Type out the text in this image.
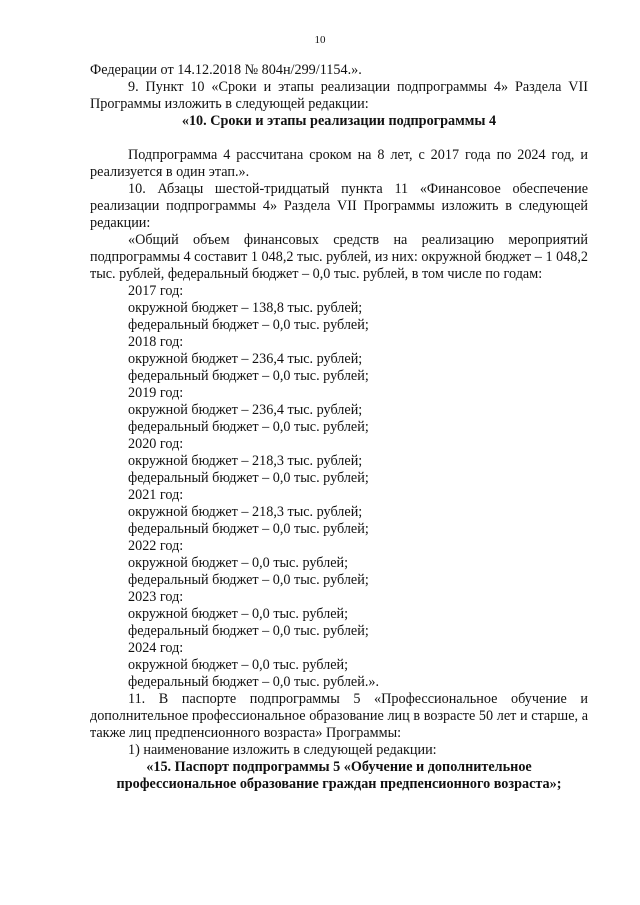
10

Федерации от 14.12.2018 № 804н/299/1154.».

9. Пункт 10 «Сроки и этапы реализации подпрограммы 4» Раздела VII Программы изложить в следующей редакции:

«10. Сроки и этапы реализации подпрограммы 4

Подпрограмма 4 рассчитана сроком на 8 лет, с 2017 года по 2024 год, и реализуется в один этап.».

10. Абзацы шестой-тридцатый пункта 11 «Финансовое обеспечение реализации подпрограммы 4» Раздела VII Программы изложить в следующей редакции:

«Общий объем финансовых средств на реализацию мероприятий подпрограммы 4 составит 1 048,2 тыс. рублей, из них: окружной бюджет – 1 048,2 тыс. рублей, федеральный бюджет – 0,0 тыс. рублей, в том числе по годам:

2017 год:
окружной бюджет – 138,8 тыс. рублей;
федеральный бюджет – 0,0 тыс. рублей;
2018 год:
окружной бюджет – 236,4 тыс. рублей;
федеральный бюджет – 0,0 тыс. рублей;
2019 год:
окружной бюджет – 236,4 тыс. рублей;
федеральный бюджет – 0,0 тыс. рублей;
2020 год:
окружной бюджет – 218,3 тыс. рублей;
федеральный бюджет – 0,0 тыс. рублей;
2021 год:
окружной бюджет – 218,3 тыс. рублей;
федеральный бюджет – 0,0 тыс. рублей;
2022 год:
окружной бюджет – 0,0 тыс. рублей;
федеральный бюджет – 0,0 тыс. рублей;
2023 год:
окружной бюджет – 0,0 тыс. рублей;
федеральный бюджет – 0,0 тыс. рублей;
2024 год:
окружной бюджет – 0,0 тыс. рублей;
федеральный бюджет – 0,0 тыс. рублей.».

11. В паспорте подпрограммы 5 «Профессиональное обучение и дополнительное профессиональное образование лиц в возрасте 50 лет и старше, а также лиц предпенсионного возраста» Программы:

1) наименование изложить в следующей редакции:

«15. Паспорт подпрограммы 5 «Обучение и дополнительное профессиональное образование граждан предпенсионного возраста»;
